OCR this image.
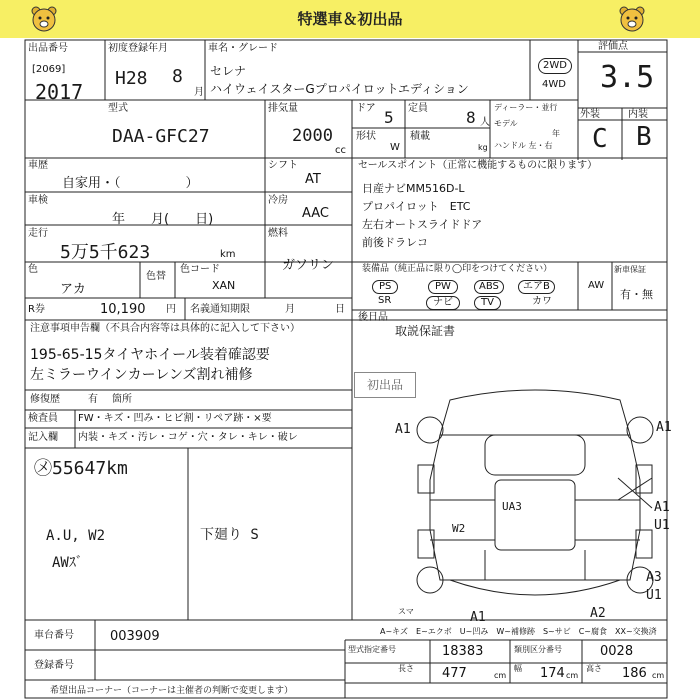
特選車＆初出品
出品番号
[2069]
2017
初度登録年月
H28 8
月
車名・グレード
セレナ
ハイウェイスターGプロパイロットエディション
2WD
4WD
評価点
3.5
型式
DAA-GFC27
排気量
2000
cc
ドア 5 定員 8 人
形状
W
積載
kg
ディーラー・並行
モデル
年
ハンドル 左・右
外装	内装
C B
車歴
自家用・（　　　　　）
シフト
AT
車検
年　　月(　　日)
冷房
AAC
走行
5万5千623	km
燃料
ガソリン
色
アカ
色替
色コード
XAN
R券	10,190 円 名義通知期限	月	日
セールスポイント（正常に機能するものに限ります）
日産ナビMM516D-L
プロパイロット　ETC
左右オートスライドドア
前後ドラレコ
装備品（純正品に限り◯印をつけてください）	新車保証
有・無
PS	PW	ABS	エアB	AW
SR	ナビ	TV	カワ
後日品
取説保証書
注意事項申告欄（不具合内容等は具体的に記入して下さい）
195-65-15タイヤホイール装着確認要
左ミラーウインカーレンズ割れ補修
初出品
修復歴	有 箇所
検査員
記入欄
FW・キズ・凹み・ヒビ割・リペア跡・×要
内装・キズ・汚レ・コゲ・穴・タレ・キレ・破レ
㋱55647km
A.U, W2
AWｽﾞ
下廻り S
A1	A1
A1
U1
A3
U1
UA3
W2
A1	A2
スマ
A~キズ　E~エクボ　U~凹み　W~補修跡　S~サビ　C~腐食　XX~交換済
車台番号	003909
登録番号
希望出品コーナー（コーナーは主催者の判断で変更します）
型式指定番号	18383	類別区分番号	0028
長さ 477	cm
幅 174 cm
高さ 186 cm
